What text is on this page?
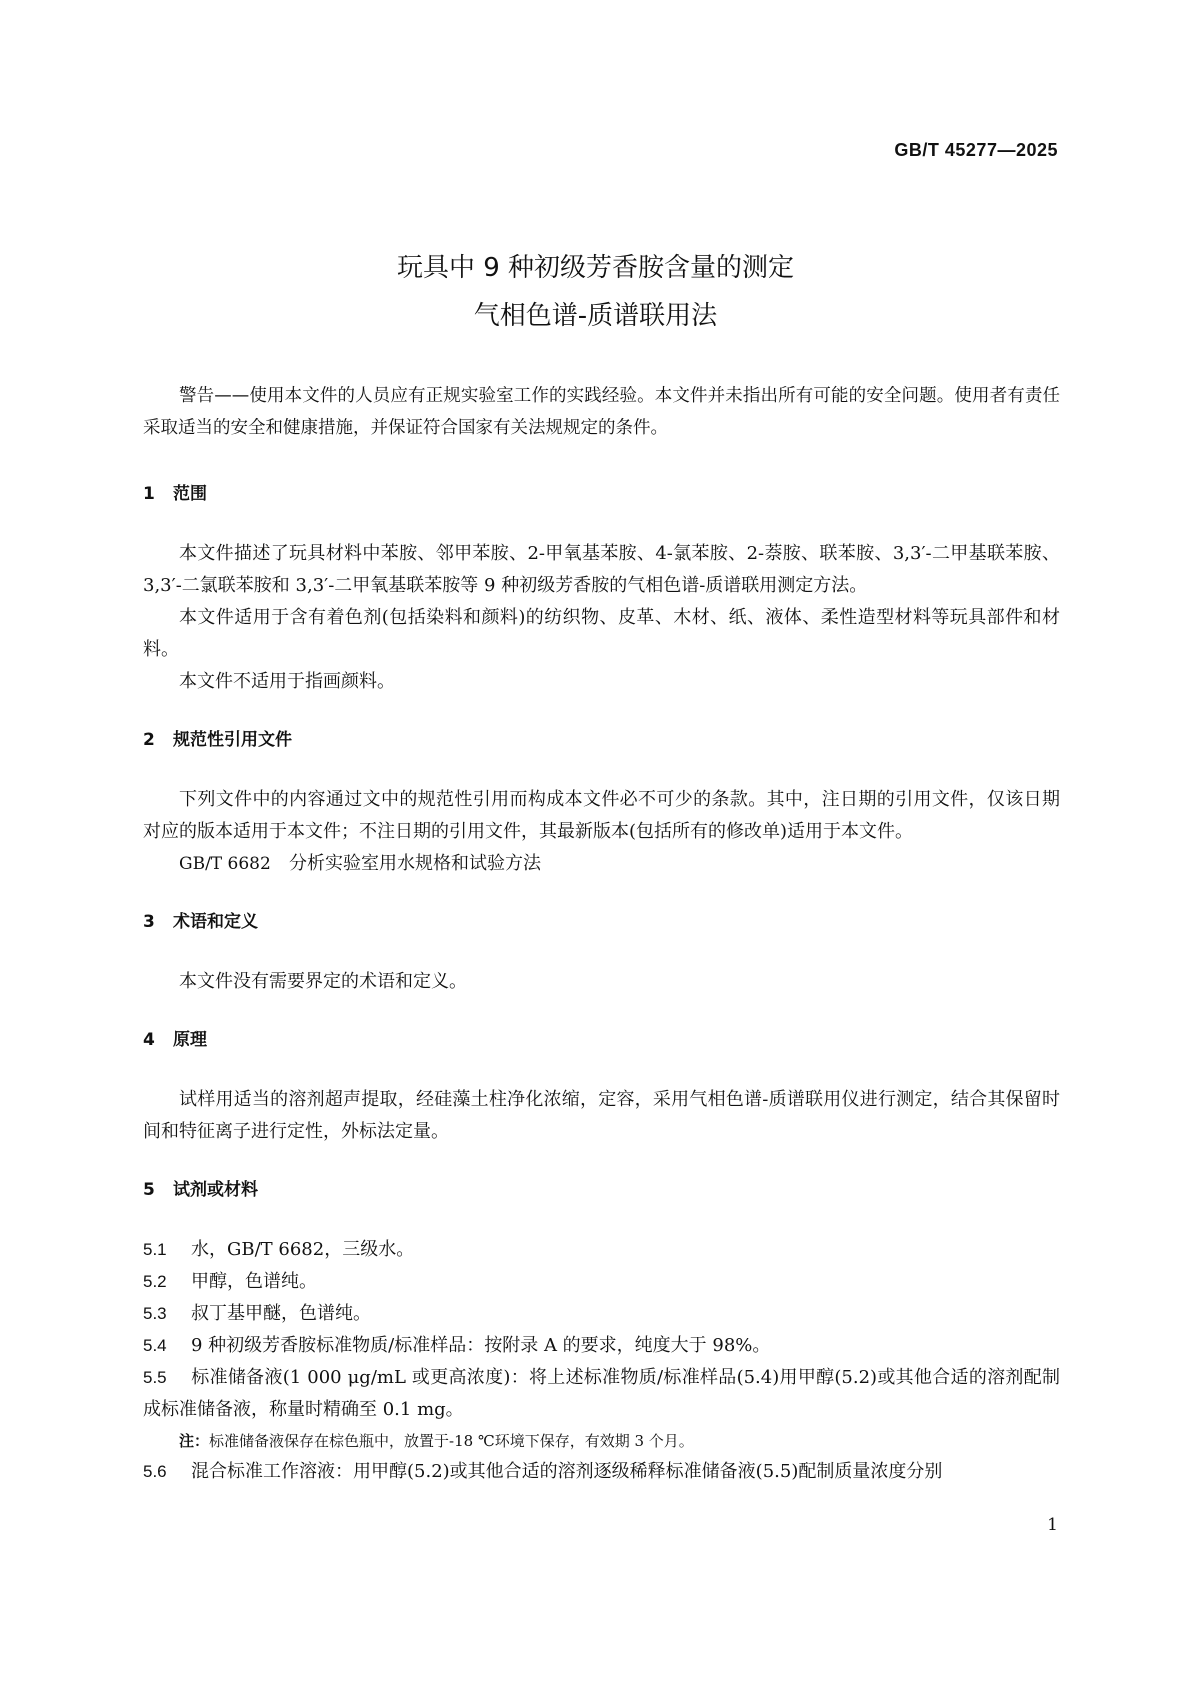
GB/T 45277—2025
玩具中 9 种初级芳香胺含量的测定
气相色谱-质谱联用法

警告——使用本文件的人员应有正规实验室工作的实践经验。本文件并未指出所有可能的安全问题。使用者有责任采取适当的安全和健康措施，并保证符合国家有关法规规定的条件。

1	范围

本文件描述了玩具材料中苯胺、邻甲苯胺、2-甲氧基苯胺、4-氯苯胺、2-萘胺、联苯胺、3,3′-二甲基联苯胺、3,3′-二氯联苯胺和 3,3′-二甲氧基联苯胺等 9 种初级芳香胺的气相色谱-质谱联用测定方法。

本文件适用于含有着色剂(包括染料和颜料)的纺织物、皮革、木材、纸、液体、柔性造型材料等玩具部件和材料。

本文件不适用于指画颜料。

2	规范性引用文件

下列文件中的内容通过文中的规范性引用而构成本文件必不可少的条款。其中，注日期的引用文件，仅该日期对应的版本适用于本文件；不注日期的引用文件，其最新版本(包括所有的修改单)适用于本文件。

GB/T 6682	分析实验室用水规格和试验方法
3	术语和定义

本文件没有需要界定的术语和定义。

4	原理

试样用适当的溶剂超声提取，经硅藻土柱净化浓缩，定容，采用气相色谱-质谱联用仪进行测定，结合其保留时间和特征离子进行定性，外标法定量。

5	试剂或材料
5.1	水，GB/T 6682，三级水。

5.2	甲醇，色谱纯。

5.3	叔丁基甲醚，色谱纯。

5.4	9 种初级芳香胺标准物质/标准样品：按附录 A 的要求，纯度大于 98%。

5.5 标准储备液(1 000 μg/mL 或更高浓度)：将上述标准物质/标准样品(5.4)用甲醇(5.2)或其他合适的溶剂配制成标准储备液，称量时精确至 0.1 mg。

注：标准储备液保存在棕色瓶中，放置于-18 ℃环境下保存，有效期 3 个月。

5.6 混合标准工作溶液：用甲醇(5.2)或其他合适的溶剂逐级稀释标准储备液(5.5)配制质量浓度分别

1
